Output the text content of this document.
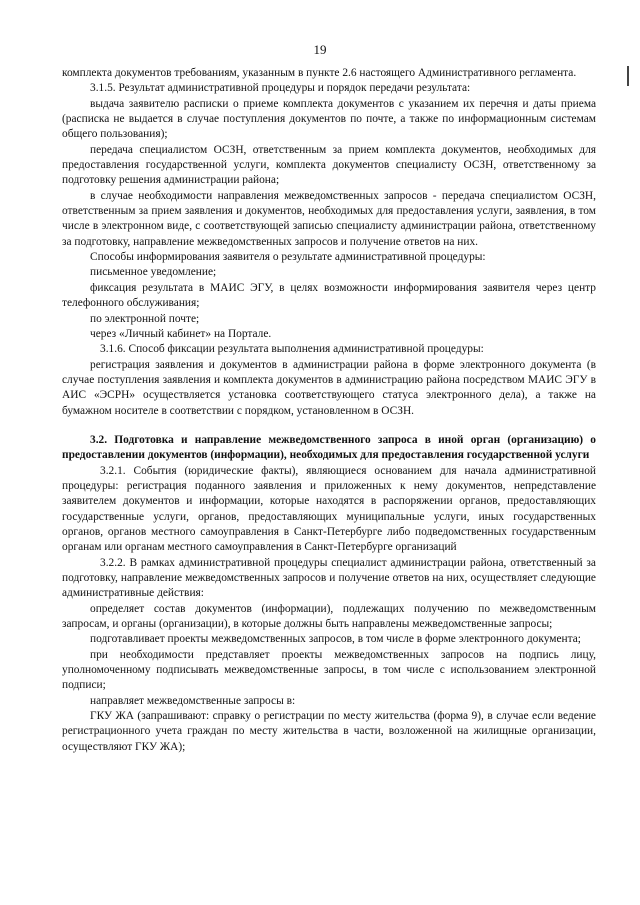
19

комплекта документов требованиям, указанным в пункте 2.6 настоящего Административного регламента.

3.1.5. Результат административной процедуры и порядок передачи результата:

выдача заявителю расписки о приеме комплекта документов с указанием их перечня и даты приема (расписка не выдается в случае поступления документов по почте, а также по информационным системам общего пользования);

передача специалистом ОСЗН, ответственным за прием комплекта документов, необходимых для предоставления государственной услуги, комплекта документов специалисту ОСЗН, ответственному за подготовку решения администрации района;

в случае необходимости направления межведомственных запросов - передача специалистом ОСЗН, ответственным за прием заявления и документов, необходимых для предоставления услуги, заявления, в том числе в электронном виде, с соответствующей записью специалисту администрации района, ответственному за подготовку, направление межведомственных запросов и получение ответов на них.

Способы информирования заявителя о результате административной процедуры:

письменное уведомление;

фиксация результата в МАИС ЭГУ, в целях возможности информирования заявителя через центр телефонного обслуживания;

по электронной почте;

через «Личный кабинет» на Портале.

3.1.6. Способ фиксации результата выполнения административной процедуры:

регистрация заявления и документов в администрации района в форме электронного документа (в случае поступления заявления и комплекта документов в администрацию района посредством МАИС ЭГУ в АИС «ЭСРН» осуществляется установка соответствующего статуса электронного дела), а также на бумажном носителе в соответствии с порядком, установленном в ОСЗН.

3.2. Подготовка и направление межведомственного запроса в иной орган (организацию) о предоставлении документов (информации), необходимых для предоставления государственной услуги

3.2.1. События (юридические факты), являющиеся основанием для начала административной процедуры: регистрация поданного заявления и приложенных к нему документов, непредставление заявителем документов и информации, которые находятся в распоряжении органов, предоставляющих государственные услуги, органов, предоставляющих муниципальные услуги, иных государственных органов, органов местного самоуправления в Санкт-Петербурге либо подведомственных государственным органам или органам местного самоуправления в Санкт-Петербурге организаций

3.2.2. В рамках административной процедуры специалист администрации района, ответственный за подготовку, направление межведомственных запросов и получение ответов на них, осуществляет следующие административные действия:

определяет состав документов (информации), подлежащих получению по межведомственным запросам, и органы (организации), в которые должны быть направлены межведомственные запросы;

подготавливает проекты межведомственных запросов, в том числе в форме электронного документа;

при необходимости представляет проекты межведомственных запросов на подпись лицу, уполномоченному подписывать межведомственные запросы, в том числе с использованием электронной подписи;

направляет межведомственные запросы в:

ГКУ ЖА (запрашивают: справку о регистрации по месту жительства (форма 9), в случае если ведение регистрационного учета граждан по месту жительства в части, возложенной на жилищные организации, осуществляют ГКУ ЖА);
